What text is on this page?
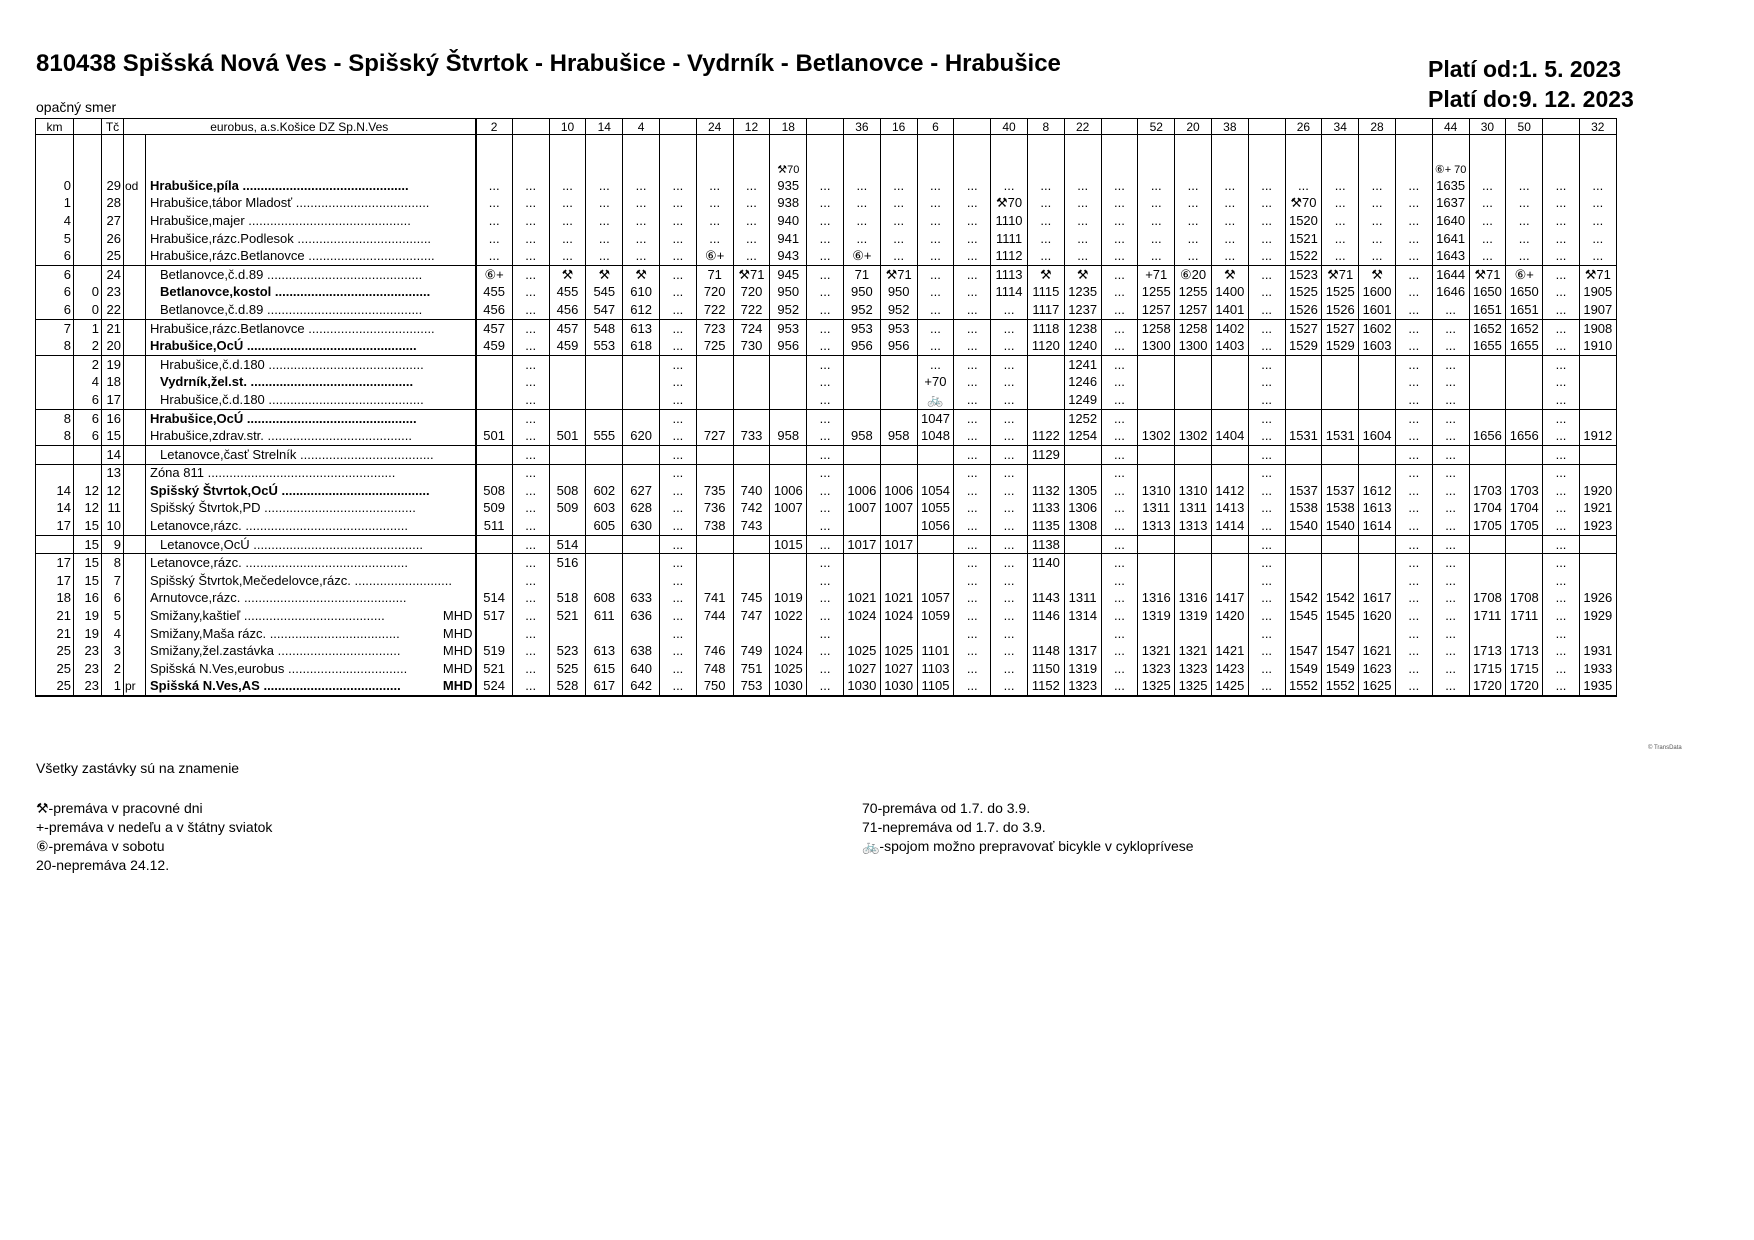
810438 Spišská Nová Ves - Spišský Štvrtok - Hrabušice - Vydrník - Betlanovce - Hrabušice	Platí od:1. 5. 2023
Platí do:9. 12. 2023
opačný smer
km		Tč	eurobus, a.s.Košice DZ Sp.N.Ves		2		10	14	4		24	12	18		36	16	6		40	8	22		52	20	38		26	34	28		44	30	50		32
													⚒70																		⑥+ 70				
0		29	od	Hrabušice,píla ..............................................	...	...	...	...	...	...	...	...	935	...	...	...	...	...	...	...	...	...	...	...	...	...	...	...	...	...	1635	...	...	...	...
1		28		Hrabušice,tábor Mladosť .....................................	...	...	...	...	...	...	...	...	938	...	...	...	...	...	⚒70	...	...	...	...	...	...	...	⚒70	...	...	...	1637	...	...	...	...
4		27		Hrabušice,majer .............................................	...	...	...	...	...	...	...	...	940	...	...	...	...	...	1110	...	...	...	...	...	...	...	1520	...	...	...	1640	...	...	...	...
5		26		Hrabušice,rázc.Podlesok .....................................	...	...	...	...	...	...	...	...	941	...	...	...	...	...	1111	...	...	...	...	...	...	...	1521	...	...	...	1641	...	...	...	...
6		25		Hrabušice,rázc.Betlanovce ...................................	...	...	...	...	...	...	⑥+	...	943	...	⑥+	...	...	...	1112	...	...	...	...	...	...	...	1522	...	...	...	1643	...	...	...	...
6		24		Betlanovce,č.d.89 ...........................................	⑥+	...	⚒	⚒	⚒	...	71	⚒71	945	...	71	⚒71	...	...	1113	⚒	⚒	...	+71	⑥20	⚒	...	1523	⚒71	⚒	...	1644	⚒71	⑥+	...	⚒71
6	0	23		Betlanovce,kostol ...........................................	455	...	455	545	610	...	720	720	950	...	950	950	...	...	1114	1115	1235	...	1255	1255	1400	...	1525	1525	1600	...	1646	1650	1650	...	1905
6	0	22		Betlanovce,č.d.89 ...........................................	456	...	456	547	612	...	722	722	952	...	952	952	...	...	...	1117	1237	...	1257	1257	1401	...	1526	1526	1601	...	...	1651	1651	...	1907
7	1	21		Hrabušice,rázc.Betlanovce ...................................	457	...	457	548	613	...	723	724	953	...	953	953	...	...	...	1118	1238	...	1258	1258	1402	...	1527	1527	1602	...	...	1652	1652	...	1908
8	2	20		Hrabušice,OcÚ ...............................................	459	...	459	553	618	...	725	730	956	...	956	956	...	...	...	1120	1240	...	1300	1300	1403	...	1529	1529	1603	...	...	1655	1655	...	1910
	2	19		Hrabušice,č.d.180 ...........................................		...				...				...			...	...	...		1241	...				...				...	...			...	
	4	18		Vydrník,žel.st. .............................................		...				...				...			+70	...	...		1246	...				...				...	...			...	
	6	17		Hrabušice,č.d.180 ...........................................		...				...				...			🚲	...	...		1249	...				...				...	...			...	
8	6	16		Hrabušice,OcÚ ...............................................		...				...				...			1047	...	...		1252	...				...				...	...			...	
8	6	15		Hrabušice,zdrav.str. ........................................	501	...	501	555	620	...	727	733	958	...	958	958	1048	...	...	1122	1254	...	1302	1302	1404	...	1531	1531	1604	...	...	1656	1656	...	1912
		14		Letanovce,časť Strelník .....................................		...				...				...				...	...	1129		...				...				...	...			...	
		13		Zóna 811 ....................................................		...				...				...				...	...			...				...				...	...			...	
14	12	12		Spišský Štvrtok,OcÚ .........................................	508	...	508	602	627	...	735	740	1006	...	1006	1006	1054	...	...	1132	1305	...	1310	1310	1412	...	1537	1537	1612	...	...	1703	1703	...	1920
14	12	11		Spišský Štvrtok,PD ..........................................	509	...	509	603	628	...	736	742	1007	...	1007	1007	1055	...	...	1133	1306	...	1311	1311	1413	...	1538	1538	1613	...	...	1704	1704	...	1921
17	15	10		Letanovce,rázc. .............................................	511	...		605	630	...	738	743		...			1056	...	...	1135	1308	...	1313	1313	1414	...	1540	1540	1614	...	...	1705	1705	...	1923
	15	9		Letanovce,OcÚ ...............................................		...	514			...			1015	...	1017	1017		...	...	1138		...				...				...	...			...	
17	15	8		Letanovce,rázc. .............................................		...	516			...				...				...	...	1140		...				...				...	...			...	
17	15	7		Spišský Štvrtok,Mečedelovce,rázc. ...........................		...				...				...				...	...			...				...				...	...			...	
18	16	6		Arnutovce,rázc. .............................................	514	...	518	608	633	...	741	745	1019	...	1021	1021	1057	...	...	1143	1311	...	1316	1316	1417	...	1542	1542	1617	...	...	1708	1708	...	1926
21	19	5		Smižany,kaštieľ ....................................... MHD	517	...	521	611	636	...	744	747	1022	...	1024	1024	1059	...	...	1146	1314	...	1319	1319	1420	...	1545	1545	1620	...	...	1711	1711	...	1929
21	19	4		Smižany,Maša rázc. .................................... MHD		...				...				...				...	...			...				...				...	...			...	
25	23	3		Smižany,žel.zastávka .................................. MHD	519	...	523	613	638	...	746	749	1024	...	1025	1025	1101	...	...	1148	1317	...	1321	1321	1421	...	1547	1547	1621	...	...	1713	1713	...	1931
25	23	2		Spišská N.Ves,eurobus ................................. MHD	521	...	525	615	640	...	748	751	1025	...	1027	1027	1103	...	...	1150	1319	...	1323	1323	1423	...	1549	1549	1623	...	...	1715	1715	...	1933
25	23	1	pr	Spišská N.Ves,AS ...................................... MHD	524	...	528	617	642	...	750	753	1030	...	1030	1030	1105	...	...	1152	1323	...	1325	1325	1425	...	1552	1552	1625	...	...	1720	1720	...	1935
Všetky zastávky sú na znamenie
⚒-premáva v pracovné dni
+-premáva v nedeľu a v štátny sviatok
⑥-premáva v sobotu
20-nepremáva 24.12.
70-premáva od 1.7. do 3.9.
71-nepremáva od 1.7. do 3.9.
🚲-spojom možno prepravovať bicykle v cykloprívese
© TransData
